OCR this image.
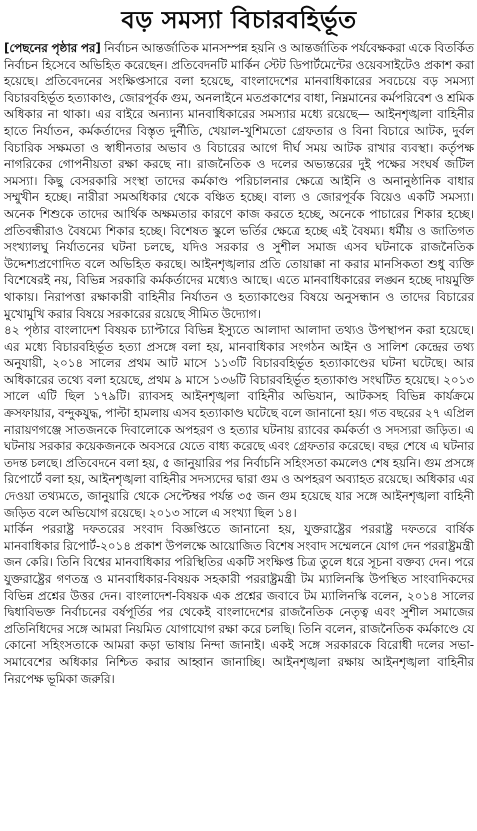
বড় সমস্যা বিচারবহির্ভূত

[পেছনের পৃষ্ঠার পর] নির্বাচন আন্তর্জাতিক মানসম্পন্ন হয়নি ও আন্তর্জাতিক পর্যবেক্ষকরা একে বিতর্কিত নির্বাচন হিসেবে অভিহিত করেছেন। প্রতিবেদনটি মার্কিন স্টেট ডিপার্টমেন্টের ওয়েবসাইটেও প্রকাশ করা হয়েছে। প্রতিবেদনের সংক্ষিপ্তসারে বলা হয়েছে, বাংলাদেশের মানবাধিকারের সবচেয়ে বড় সমস্যা বিচারবহির্ভূত হত্যাকাণ্ড, জোরপূর্বক গুম, অনলাইনে মতপ্রকাশের বাধা, নিম্নমানের কর্মপরিবেশ ও শ্রমিক অধিকার না থাকা। এর বাইরে অন্যান্য মানবাধিকারের সমস্যার মধ্যে রয়েছে— আইনশৃঙ্খলা বাহিনীর হাতে নির্যাতন, কর্মকর্তাদের বিস্তৃত দুর্নীতি, খেয়াল-খুশিমতো গ্রেফতার ও বিনা বিচারে আটক, দুর্বল বিচারিক সক্ষমতা ও স্বাধীনতার অভাব ও বিচারের আগে দীর্ঘ সময় আটক রাখার ব্যবস্থা। কর্তৃপক্ষ নাগরিকের গোপনীয়তা রক্ষা করছে না। রাজনৈতিক ও দলের অভ্যন্তরের দুই পক্ষের সংঘর্ষ জটিল সমস্যা। কিছু বেসরকারি সংস্থা তাদের কর্মকাণ্ড পরিচালনার ক্ষেত্রে আইনি ও অনানুষ্ঠানিক বাধার সম্মুখীন হচ্ছে। নারীরা সমঅধিকার থেকে বঞ্চিত হচ্ছে। বাল্য ও জোরপূর্বক বিয়েও একটি সমস্যা। অনেক শিশুকে তাদের আর্থিক অক্ষমতার কারণে কাজ করতে হচ্ছে, অনেকে পাচারের শিকার হচ্ছে। প্রতিবন্ধীরাও বৈষম্যে শিকার হচ্ছে। বিশেষত স্কুলে ভর্তির ক্ষেত্রে হচ্ছে এই বৈষম্য। ধর্মীয় ও জাতিগত সংখ্যালঘু নির্যাতনের ঘটনা চলছে, যদিও সরকার ও সুশীল সমাজ এসব ঘটনাকে রাজনৈতিক উদ্দেশ্যপ্রণোদিত বলে অভিহিত করছে। আইনশৃঙ্খলার প্রতি তোয়াক্কা না করার মানসিকতা শুধু ব্যক্তি বিশেষেরই নয়, বিভিন্ন সরকারি কর্মকর্তাদের মধ্যেও আছে। এতে মানবাধিকারের লঙ্ঘন হচ্ছে দায়মুক্তি থাকায়। নিরাপত্তা রক্ষাকারী বাহিনীর নির্যাতন ও হত্যাকাণ্ডের বিষয়ে অনুসন্ধান ও তাদের বিচারের মুখোমুখি করার বিষয়ে সরকারের রয়েছে সীমিত উদ্যোগ।

৪২ পৃষ্ঠার বাংলাদেশ বিষয়ক চ্যাপ্টারে বিভিন্ন ইস্যুতে আলাদা আলাদা তথ্যও উপস্থাপন করা হয়েছে। এর মধ্যে বিচারবহির্ভূত হত্যা প্রসঙ্গে বলা হয়, মানবাধিকার সংগঠন আইন ও সালিশ কেন্দ্রের তথ্য অনুযায়ী, ২০১৪ সালের প্রথম আট মাসে ১১৩টি বিচারবহির্ভূত হত্যাকাণ্ডের ঘটনা ঘটেছে। আর অধিকারের তথ্যে বলা হয়েছে, প্রথম ৯ মাসে ১৩৬টি বিচারবহির্ভূত হত্যাকাণ্ড সংঘটিত হয়েছে। ২০১৩ সালে এটি ছিল ১৭৯টি। র‌্যাবসহ আইনশৃঙ্খলা বাহিনীর অভিযান, আটকসহ বিভিন্ন কার্যক্রমে ক্রসফায়ার, বন্দুকযুদ্ধ, পাল্টা হামলায় এসব হত্যাকাণ্ড ঘটেছে বলে জানানো হয়। গত বছরের ২৭ এপ্রিল নারায়ণগঞ্জে সাতজনকে দিবালোকে অপহরণ ও হত্যার ঘটনায় র‌্যাবের কর্মকর্তা ও সদস্যরা জড়িত। এ ঘটনায় সরকার কয়েকজনকে অবসরে যেতে বাধ্য করেছে এবং গ্রেফতার করেছে। বছর শেষে এ ঘটনার তদন্ত চলছে। প্রতিবেদনে বলা হয়, ৫ জানুয়ারির পর নির্বাচনি সহিংসতা কমলেও শেষ হয়নি। গুম প্রসঙ্গে রিপোর্টে বলা হয়, আইনশৃঙ্খলা বাহিনীর সদস্যদের দ্বারা গুম ও অপহরণ অব্যাহত রয়েছে। অধিকার এর দেওয়া তথ্যমতে, জানুয়ারি থেকে সেপ্টেম্বর পর্যন্ত ৩৫ জন গুম হয়েছে যার সঙ্গে আইনশৃঙ্খলা বাহিনী জড়িত বলে অভিযোগ রয়েছে। ২০১৩ সালে এ সংখ্যা ছিল ১৪।

মার্কিন পররাষ্ট্র দফতরের সংবাদ বিজ্ঞপ্তিতে জানানো হয়, যুক্তরাষ্ট্রের পররাষ্ট্র দফতরে বার্ষিক মানবাধিকার রিপোর্ট-২০১৪ প্রকাশ উপলক্ষে আয়োজিত বিশেষ সংবাদ সম্মেলনে যোগ দেন পররাষ্ট্রমন্ত্রী জন কেরি। তিনি বিশ্বের মানবাধিকার পরিস্থিতির একটি সংক্ষিপ্ত চিত্র তুলে ধরে সূচনা বক্তব্য দেন। পরে যুক্তরাষ্ট্রের গণতন্ত্র ও মানবাধিকার-বিষয়ক সহকারী পররাষ্ট্রমন্ত্রী টম ম্যালিনস্কি উপস্থিত সাংবাদিকদের বিভিন্ন প্রশ্নের উত্তর দেন। বাংলাদেশ-বিষয়ক এক প্রশ্নের জবাবে টম ম্যালিনস্কি বলেন, ২০১৪ সালের দ্বিধাবিভক্ত নির্বাচনের বর্ষপূর্তির পর থেকেই বাংলাদেশের রাজনৈতিক নেতৃত্ব এবং সুশীল সমাজের প্রতিনিধিদের সঙ্গে আমরা নিয়মিত যোগাযোগ রক্ষা করে চলছি। তিনি বলেন, রাজনৈতিক কর্মকাণ্ডে যে কোনো সহিংসতাকে আমরা কড়া ভাষায় নিন্দা জানাই। একই সঙ্গে সরকারকে বিরোধী দলের সভা-সমাবেশের অধিকার নিশ্চিত করার আহ্বান জানাচ্ছি। আইনশৃঙ্খলা রক্ষায় আইনশৃঙ্খলা বাহিনীর নিরপেক্ষ ভূমিকা জরুরি।
